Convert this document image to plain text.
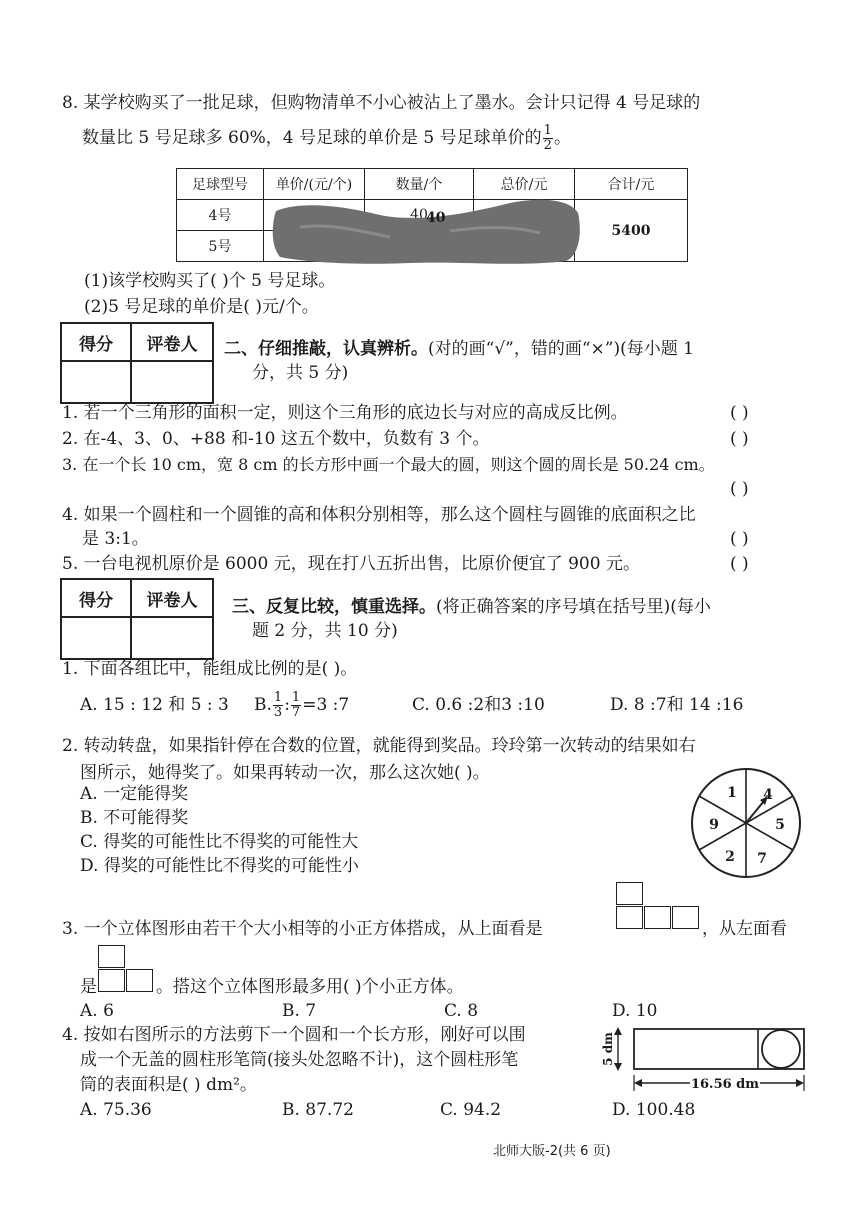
8. 某学校购买了一批足球，但购物清单不小心被沾上了墨水。会计只记得 4 号足球的
数量比 5 号足球多 60%，4 号足球的单价是 5 号足球单价的 $\frac{1}{2}$ 。
足球型号	单价/(元/个)	数量/个	总价/元	合计/元
4号		40		5400
5号				
40
(1)该学校购买了( )个 5 号足球。
(2)5 号足球的单价是( )元/个。
得分	评卷人
	二、仔细推敲，认真辨析。(对的画“√”，错的画“×”)(每小题 1
分，共 5 分)
1. 若一个三角形的面积一定，则这个三角形的底边长与对应的高成反比例。	( )
2. 在-4、3、0、+88 和-10 这五个数中，负数有 3 个。	( )
3. 在一个长 10 cm，宽 8 cm 的长方形中画一个最大的圆，则这个圆的周长是 50.24 cm。
( )
4. 如果一个圆柱和一个圆锥的高和体积分别相等，那么这个圆柱与圆锥的底面积之比
是 3:1。	( )
5. 一台电视机原价是 6000 元，现在打八五折出售，比原价便宜了 900 元。	( )
得分	评卷人
	三、反复比较，慎重选择。(将正确答案的序号填在括号里)(每小
题 2 分，共 10 分)
1. 下面各组比中，能组成比例的是( )。
A. 15 : 12 和 5 : 3 B. $\frac{1}{3}$ : $\frac{1}{7} =3$ :7	C. 0.6 :2和3 :10	D. 8 :7和 14 :16
2. 转动转盘，如果指针停在合数的位置，就能得到奖品。玲玲第一次转动的结果如右
图所示，她得奖了。如果再转动一次，那么这次她( )。
A. 一定能得奖
B. 不可能得奖
C. 得奖的可能性比不得奖的可能性大
D. 得奖的可能性比不得奖的可能性小
1 4
5
7
2
9
3. 一个立体图形由若干个大小相等的小正方体搭成，从上面看是	，从左面看
是	。搭这个立体图形最多用( )个小正方体。
A. 6	B. 7	C. 8	D. 10
4. 按如右图所示的方法剪下一个圆和一个长方形，刚好可以围
成一个无盖的圆柱形笔筒(接头处忽略不计)，这个圆柱形笔
筒的表面积是( ) dm²。
A. 75.36	B. 87.72	C. 94.2	D. 100.48
16.56 dm
5 dm
北师大版-2(共 6 页)
